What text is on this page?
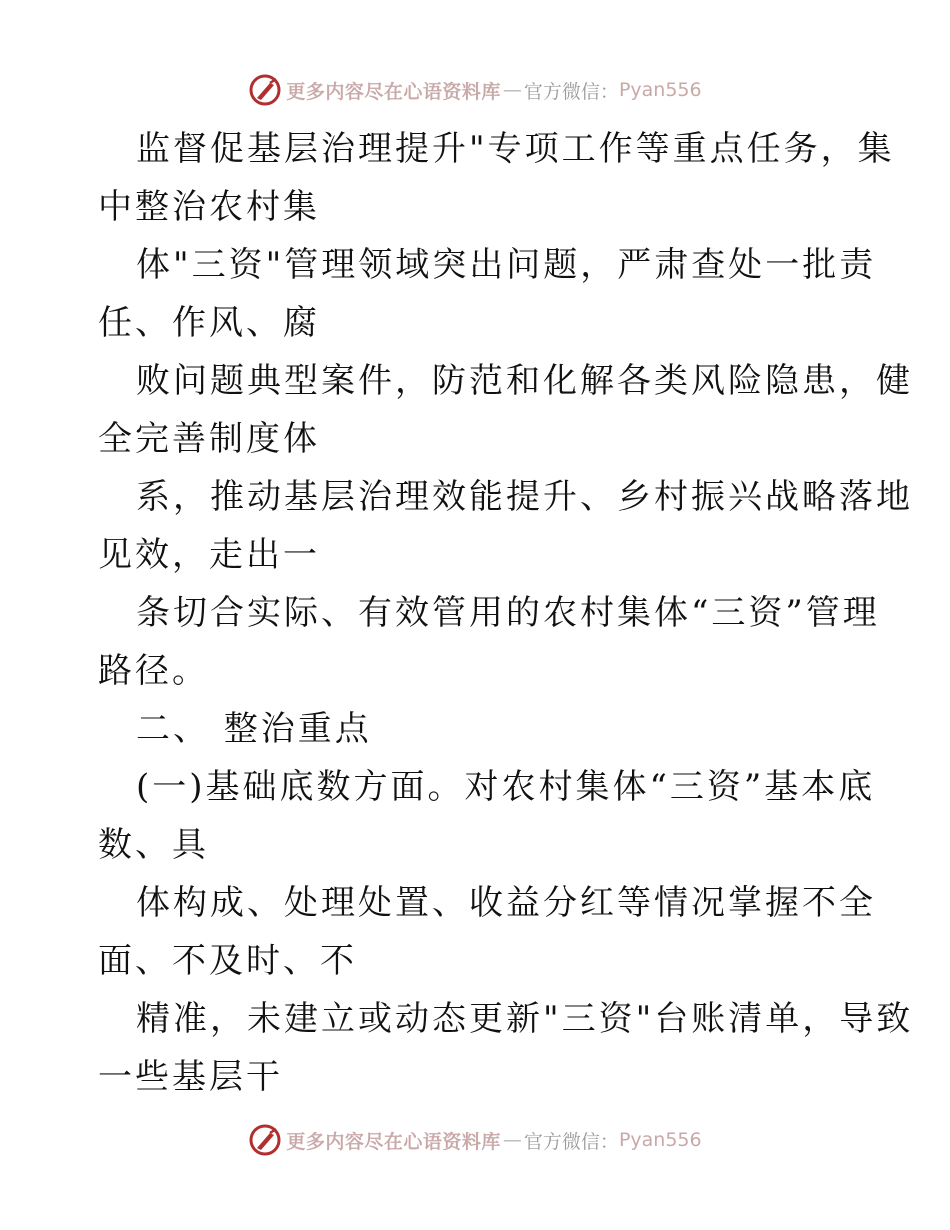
更多内容尽在心语资料库 — 官方微信： Pyan556
监督促基层治理提升"专项工作等重点任务，集
中整治农村集
体"三资"管理领域突出问题，严肃查处一批责
任、作风、腐
败问题典型案件，防范和化解各类风险隐患，健
全完善制度体
系，推动基层治理效能提升、乡村振兴战略落地
见效，走出一
条切合实际、有效管用的农村集体“三资”管理
路径。
二、 整治重点
(一)基础底数方面。对农村集体“三资”基本底
数、具
体构成、处理处置、收益分红等情况掌握不全
面、不及时、不
精准，未建立或动态更新"三资"台账清单，导致
一些基层干
更多内容尽在心语资料库 — 官方微信： Pyan556
